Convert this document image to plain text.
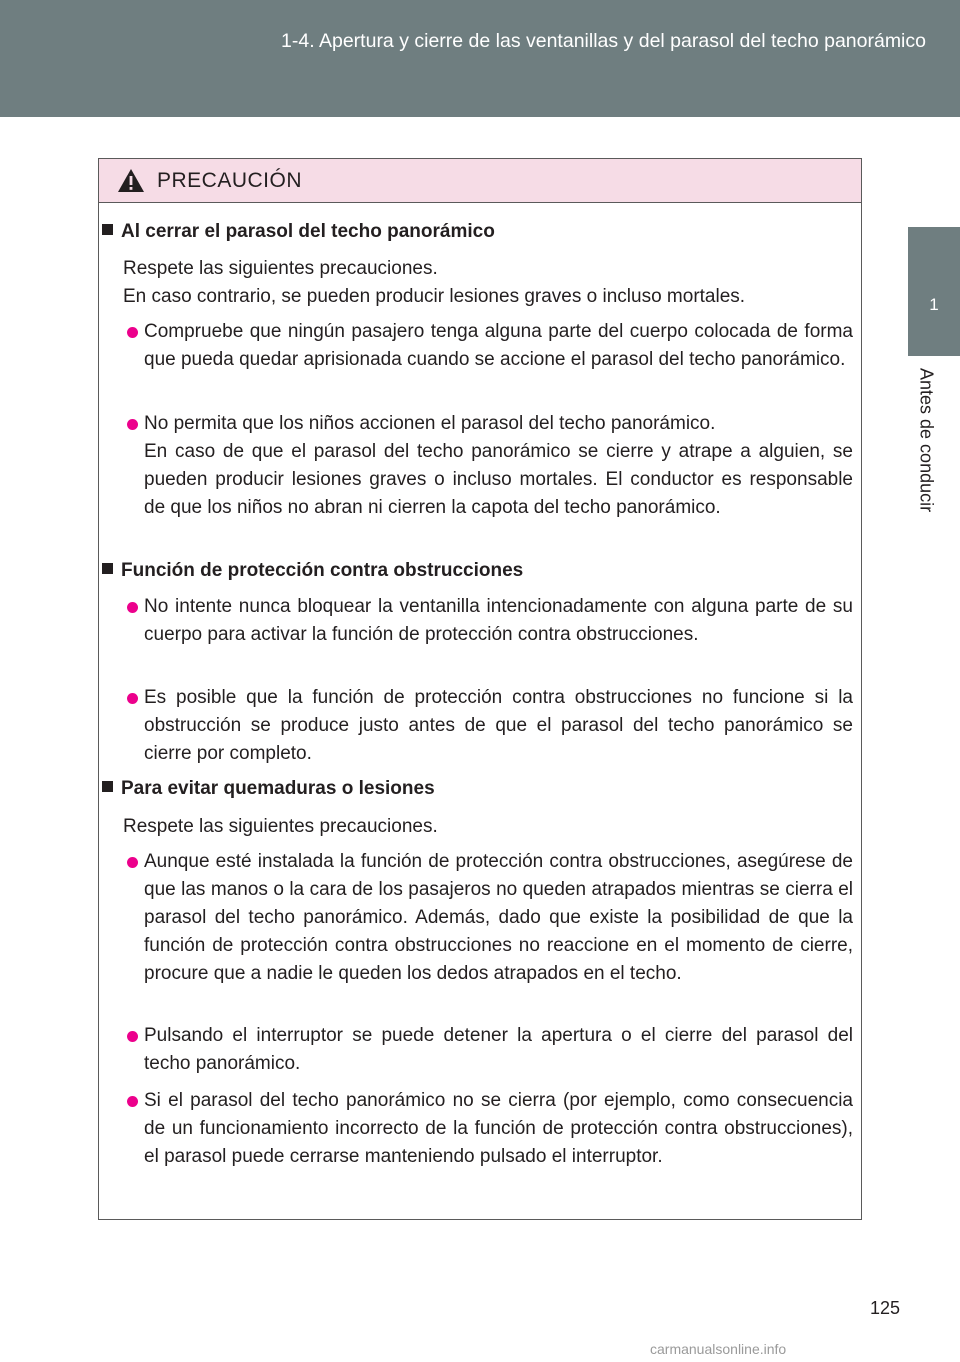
1-4. Apertura y cierre de las ventanillas y del parasol del techo panorámico
1
Antes de conducir
PRECAUCIÓN
Al cerrar el parasol del techo panorámico
Respete las siguientes precauciones.
En caso contrario, se pueden producir lesiones graves o incluso mortales.
Compruebe que ningún pasajero tenga alguna parte del cuerpo colocada de forma que pueda quedar aprisionada cuando se accione el parasol del techo panorámico.
No permita que los niños accionen el parasol del techo panorámico.
En caso de que el parasol del techo panorámico se cierre y atrape a alguien, se pueden producir lesiones graves o incluso mortales. El conductor es responsable de que los niños no abran ni cierren la capota del techo panorámico.
Función de protección contra obstrucciones
No intente nunca bloquear la ventanilla intencionadamente con alguna parte de su cuerpo para activar la función de protección contra obstrucciones.
Es posible que la función de protección contra obstrucciones no funcione si la obstrucción se produce justo antes de que el parasol del techo panorámico se cierre por completo.
Para evitar quemaduras o lesiones
Respete las siguientes precauciones.
Aunque esté instalada la función de protección contra obstrucciones, asegúrese de que las manos o la cara de los pasajeros no queden atrapados mientras se cierra el parasol del techo panorámico. Además, dado que existe la posibilidad de que la función de protección contra obstrucciones no reaccione en el momento de cierre, procure que a nadie le queden los dedos atrapados en el techo.
Pulsando el interruptor se puede detener la apertura o el cierre del parasol del techo panorámico.
Si el parasol del techo panorámico no se cierra (por ejemplo, como consecuencia de un funcionamiento incorrecto de la función de protección contra obstrucciones), el parasol puede cerrarse manteniendo pulsado el interruptor.
125
carmanualsonline.info
